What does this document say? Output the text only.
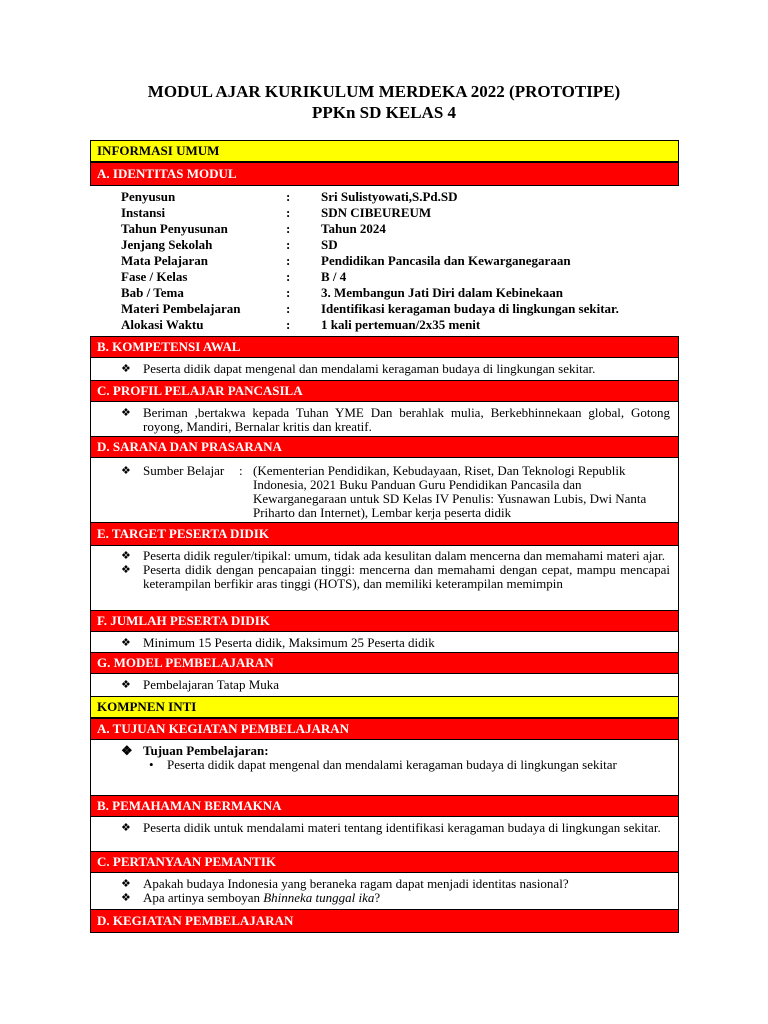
MODUL AJAR KURIKULUM MERDEKA 2022 (PROTOTIPE)
PPKn SD KELAS 4
INFORMASI UMUM
A. IDENTITAS MODUL
Penyusun	:	Sri Sulistyowati,S.Pd.SD
Instansi	:	SDN CIBEUREUM
Tahun Penyusunan	:	Tahun 2024
Jenjang Sekolah	:	SD
Mata Pelajaran	:	Pendidikan Pancasila dan Kewarganegaraan
Fase / Kelas	:	B / 4
Bab / Tema	:	3. Membangun Jati Diri dalam Kebinekaan
Materi Pembelajaran	:	Identifikasi keragaman budaya di lingkungan sekitar.
Alokasi Waktu	:	1 kali pertemuan/2x35 menit
B. KOMPETENSI AWAL
❖ Peserta didik dapat mengenal dan mendalami keragaman budaya di lingkungan sekitar.
C. PROFIL PELAJAR PANCASILA
❖ Beriman ,bertakwa kepada Tuhan YME Dan berahlak mulia, Berkebhinnekaan global, Gotong royong, Mandiri, Bernalar kritis dan kreatif.
D. SARANA DAN PRASARANA
❖ Sumber Belajar	: (Kementerian Pendidikan, Kebudayaan, Riset, Dan Teknologi Republik Indonesia, 2021 Buku Panduan Guru Pendidikan Pancasila dan Kewarganegaraan untuk SD Kelas IV Penulis: Yusnawan Lubis, Dwi Nanta Priharto dan Internet), Lembar kerja peserta didik
E. TARGET PESERTA DIDIK
❖ Peserta didik reguler/tipikal: umum, tidak ada kesulitan dalam mencerna dan memahami materi ajar.
❖ Peserta didik dengan pencapaian tinggi: mencerna dan memahami dengan cepat, mampu mencapai keterampilan berfikir aras tinggi (HOTS), dan memiliki keterampilan memimpin
F. JUMLAH PESERTA DIDIK
❖ Minimum 15 Peserta didik, Maksimum 25 Peserta didik
G. MODEL PEMBELAJARAN
❖ Pembelajaran Tatap Muka
KOMPNEN INTI
A. TUJUAN KEGIATAN PEMBELAJARAN
❖ Tujuan Pembelajaran:
•	Peserta didik dapat mengenal dan mendalami keragaman budaya di lingkungan sekitar
B. PEMAHAMAN BERMAKNA
❖ Peserta didik untuk mendalami materi tentang identifikasi keragaman budaya di lingkungan sekitar.
C. PERTANYAAN PEMANTIK
❖ Apakah budaya Indonesia yang beraneka ragam dapat menjadi identitas nasional?
❖ Apa artinya semboyan Bhinneka tunggal ika?
D. KEGIATAN PEMBELAJARAN
